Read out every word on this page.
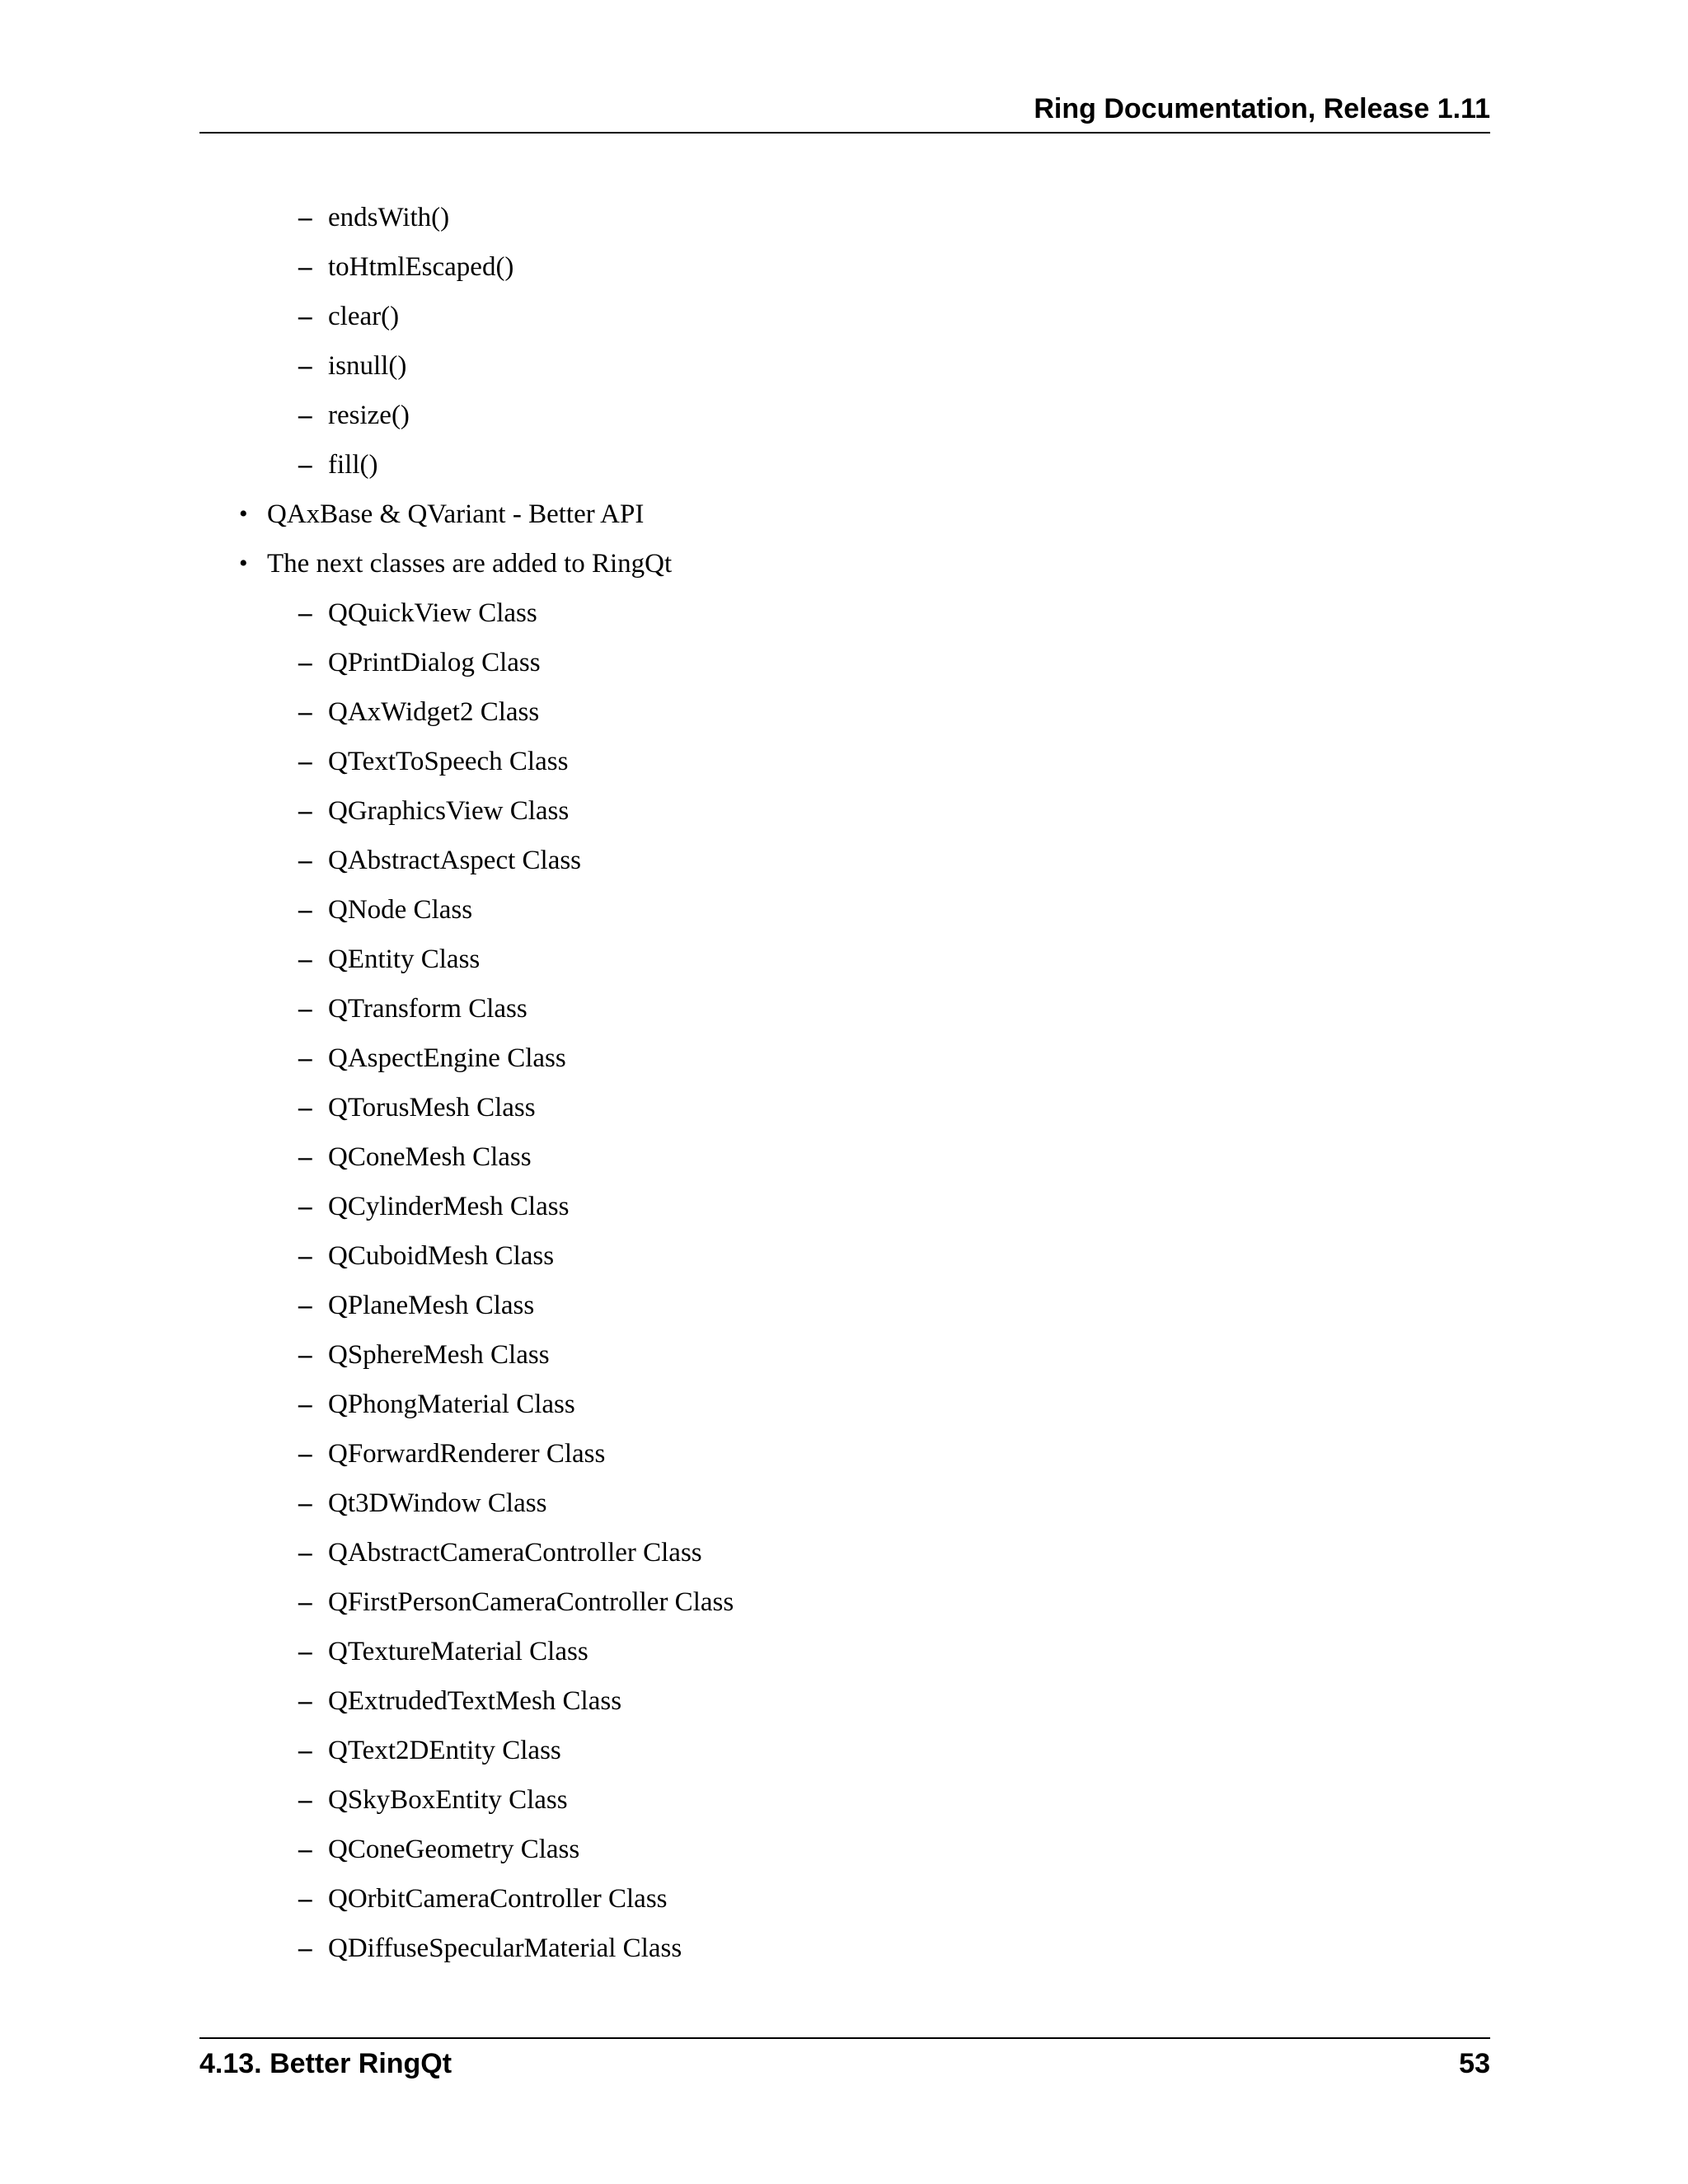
Ring Documentation, Release 1.11
– endsWith()
– toHtmlEscaped()
– clear()
– isnull()
– resize()
– fill()
• QAxBase & QVariant - Better API
• The next classes are added to RingQt
– QQuickView Class
– QPrintDialog Class
– QAxWidget2 Class
– QTextToSpeech Class
– QGraphicsView Class
– QAbstractAspect Class
– QNode Class
– QEntity Class
– QTransform Class
– QAspectEngine Class
– QTorusMesh Class
– QConeMesh Class
– QCylinderMesh Class
– QCuboidMesh Class
– QPlaneMesh Class
– QSphereMesh Class
– QPhongMaterial Class
– QForwardRenderer Class
– Qt3DWindow Class
– QAbstractCameraController Class
– QFirstPersonCameraController Class
– QTextureMaterial Class
– QExtrudedTextMesh Class
– QText2DEntity Class
– QSkyBoxEntity Class
– QConeGeometry Class
– QOrbitCameraController Class
– QDiffuseSpecularMaterial Class
4.13. Better RingQt	53
